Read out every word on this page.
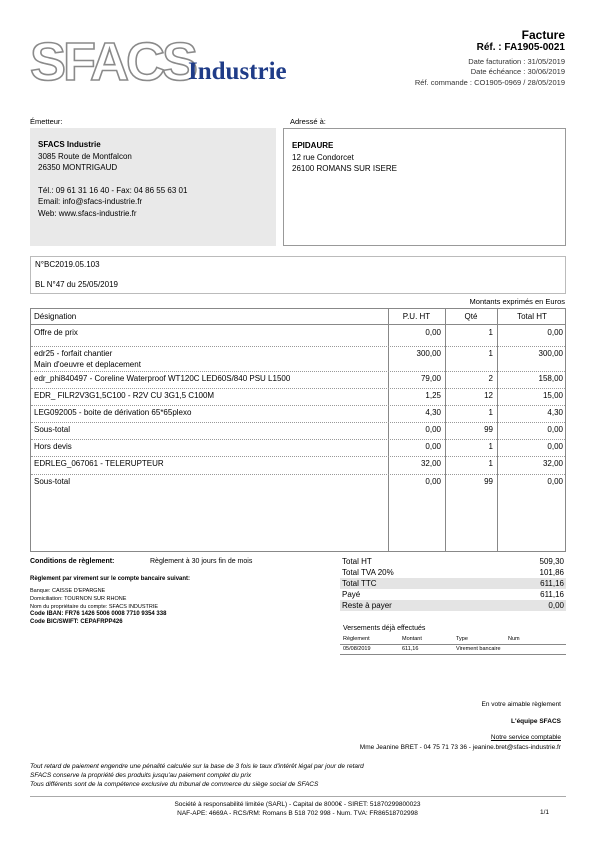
SFACS
Industrie
Facture
Réf. : FA1905-0021
Date facturation : 31/05/2019
Date échéance : 30/06/2019
Réf. commande : CO1905-0969 / 28/05/2019
Émetteur:
SFACS Industrie
3085 Route de Montfalcon
26350 MONTRIGAUD
Tél.: 09 61 31 16 40 - Fax: 04 86 55 63 01
Email: info@sfacs-industrie.fr
Web: www.sfacs-industrie.fr
Adressé à:
EPIDAURE
12 rue Condorcet
26100 ROMANS SUR ISERE
N°BC2019.05.103
BL N°47 du 25/05/2019
Montants exprimés en Euros
Désignation	P.U. HT	Qté	Total HT
Offre de prix	0,00	1	0,00
edr25 - forfait chantier
Main d'oeuvre et deplacement
300,00	1	300,00
edr_phi840497 - Coreline Waterproof WT120C LED60S/840 PSU L1500	79,00	2	158,00
EDR_ FILR2V3G1,5C100 - R2V CU 3G1,5 C100M	1,25	12	15,00
LEG092005 - boite de dérivation 65*65plexo	4,30	1	4,30
Sous-total	0,00	99	0,00
Hors devis	0,00	1	0,00
EDRLEG_067061 - TELERUPTEUR	32,00	1	32,00
Sous-total	0,00	99	0,00
Conditions de règlement:	Règlement à 30 jours fin de mois
Règlement par virement sur le compte bancaire suivant:
Banque: CAISSE D'EPARGNE
Domiciliation: TOURNON SUR RHONE
Nom du propriétaire du compte: SFACS INDUSTRIE
Code IBAN: FR76 1426 5006 0008 7710 9354 338
Code BIC/SWIFT: CEPAFRPP426
Total HT	509,30
Total TVA 20%	101,86
Total TTC	611,16
Payé	611,16
Reste à payer	0,00
Versements déjà effectués
Règlement	Montant	Type	Num
05/08/2019	611,16	Virement bancaire
En votre aimable règlement
L'équipe SFACS
Notre service comptable
Mme Jeanine BRET - 04 75 71 73 36 - jeanine.bret@sfacs-industrie.fr
Tout retard de paiement engendre une pénalité calculée sur la base de 3 fois le taux d'intérêt légal par jour de retard
SFACS conserve la propriété des produits jusqu'au paiement complet du prix
Tous différents sont de la compétence exclusive du tribunal de commerce du siège social de SFACS
Société à responsabilité limitée (SARL) - Capital de 8000€ - SIRET: 51870299800023
NAF-APE: 4669A - RCS/RM: Romans B 518 702 998 - Num. TVA: FR86518702998	1/1
